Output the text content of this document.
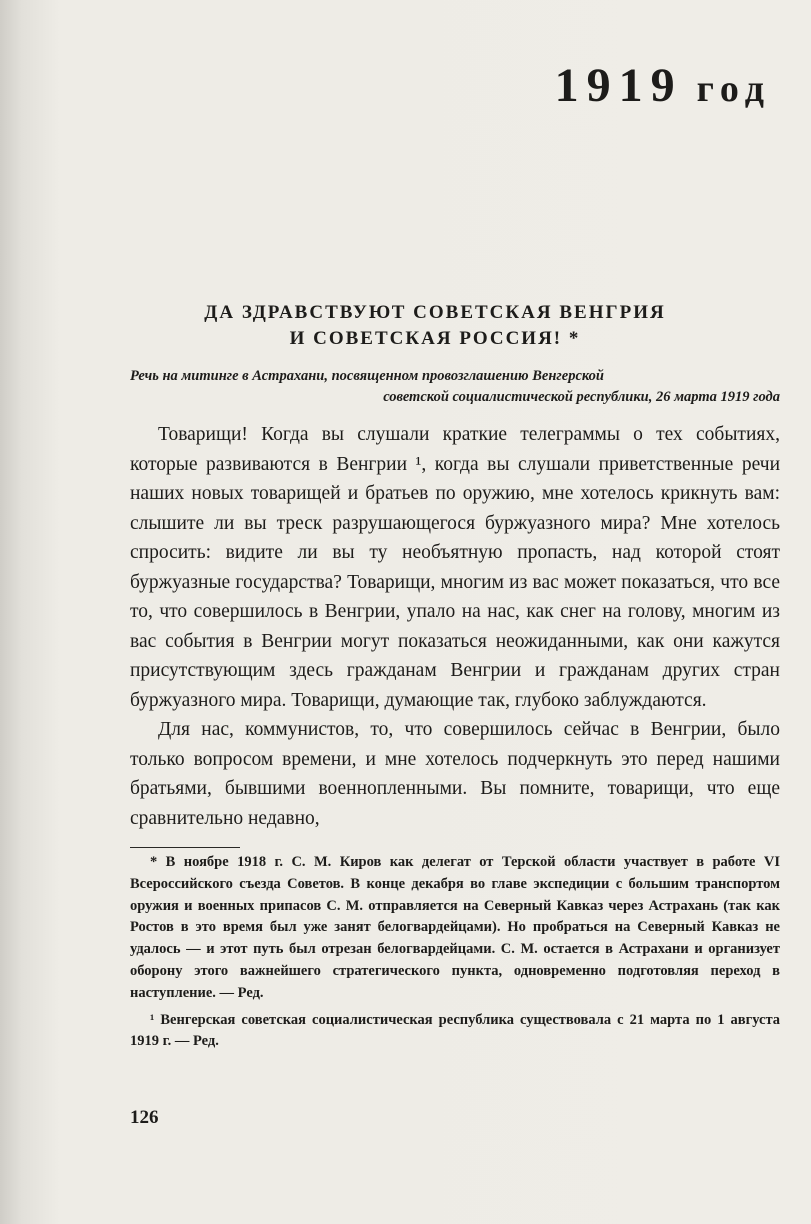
1919 год
ДА ЗДРАВСТВУЮТ СОВЕТСКАЯ ВЕНГРИЯ
И СОВЕТСКАЯ РОССИЯ! *
Речь на митинге в Астрахани, посвященном провозглашению Венгерской
советской социалистической республики, 26 марта 1919 года

Товарищи! Когда вы слушали краткие телеграммы о тех событиях, которые развиваются в Венгрии ¹, когда вы слушали приветственные речи наших новых товарищей и братьев по оружию, мне хотелось крикнуть вам: слышите ли вы треск разрушающегося буржуазного мира? Мне хотелось спросить: видите ли вы ту необъятную пропасть, над которой стоят буржуазные государства? Товарищи, многим из вас может показаться, что все то, что совершилось в Венгрии, упало на нас, как снег на голову, многим из вас события в Венгрии могут показаться неожиданными, как они кажутся присутствующим здесь гражданам Венгрии и гражданам других стран буржуазного мира. Товарищи, думающие так, глубоко заблуждаются.

Для нас, коммунистов, то, что совершилось сейчас в Венгрии, было только вопросом времени, и мне хотелось подчеркнуть это перед нашими братьями, бывшими военнопленными. Вы помните, товарищи, что еще сравнительно недавно,

* В ноябре 1918 г. С. М. Киров как делегат от Терской области участвует в работе VI Всероссийского съезда Советов. В конце декабря во главе экспедиции с большим транспортом оружия и военных припасов С. М. отправляется на Северный Кавказ через Астрахань (так как Ростов в это время был уже занят белогвардейцами). Но пробраться на Северный Кавказ не удалось — и этот путь был отрезан белогвардейцами. С. М. остается в Астрахани и организует оборону этого важнейшего стратегического пункта, одновременно подготовляя переход в наступление. — Ред.

¹ Венгерская советская социалистическая республика существовала с 21 марта по 1 августа 1919 г. — Ред.

126
